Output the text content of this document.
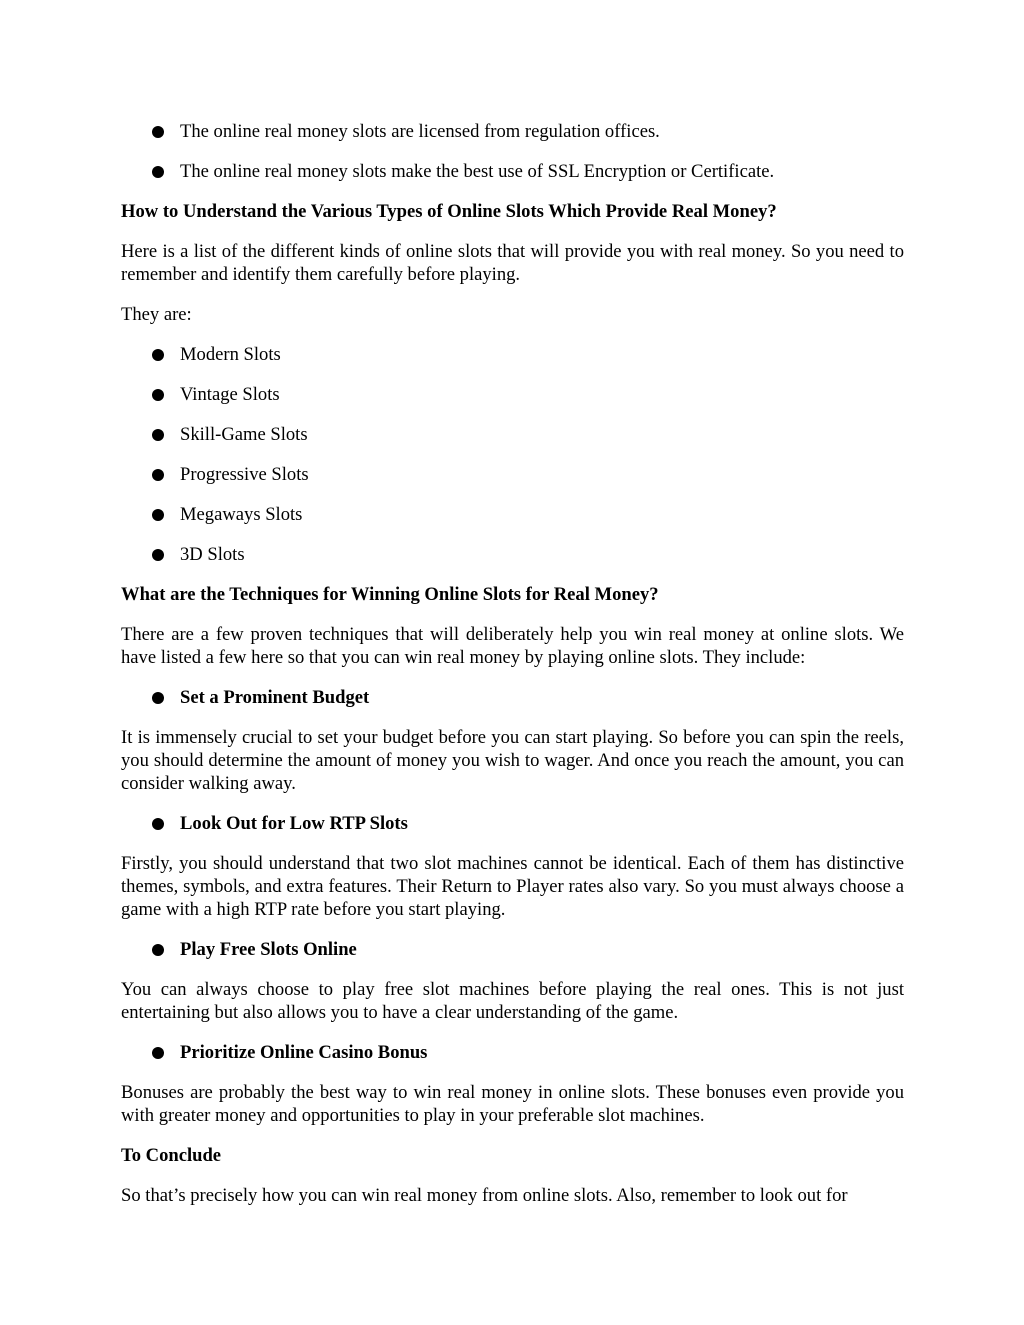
The online real money slots are licensed from regulation offices.
The online real money slots make the best use of SSL Encryption or Certificate.

How to Understand the Various Types of Online Slots Which Provide Real Money?

Here is a list of the different kinds of online slots that will provide you with real money. So you need to remember and identify them carefully before playing.

They are:

Modern Slots
Vintage Slots
Skill-Game Slots
Progressive Slots
Megaways Slots
3D Slots

What are the Techniques for Winning Online Slots for Real Money?

There are a few proven techniques that will deliberately help you win real money at online slots. We have listed a few here so that you can win real money by playing online slots. They include:

Set a Prominent Budget

It is immensely crucial to set your budget before you can start playing. So before you can spin the reels, you should determine the amount of money you wish to wager. And once you reach the amount, you can consider walking away.

Look Out for Low RTP Slots

Firstly, you should understand that two slot machines cannot be identical. Each of them has distinctive themes, symbols, and extra features. Their Return to Player rates also vary. So you must always choose a game with a high RTP rate before you start playing.

Play Free Slots Online

You can always choose to play free slot machines before playing the real ones. This is not just entertaining but also allows you to have a clear understanding of the game.

Prioritize Online Casino Bonus

Bonuses are probably the best way to win real money in online slots. These bonuses even provide you with greater money and opportunities to play in your preferable slot machines.

To Conclude

So that’s precisely how you can win real money from online slots. Also, remember to look out for
